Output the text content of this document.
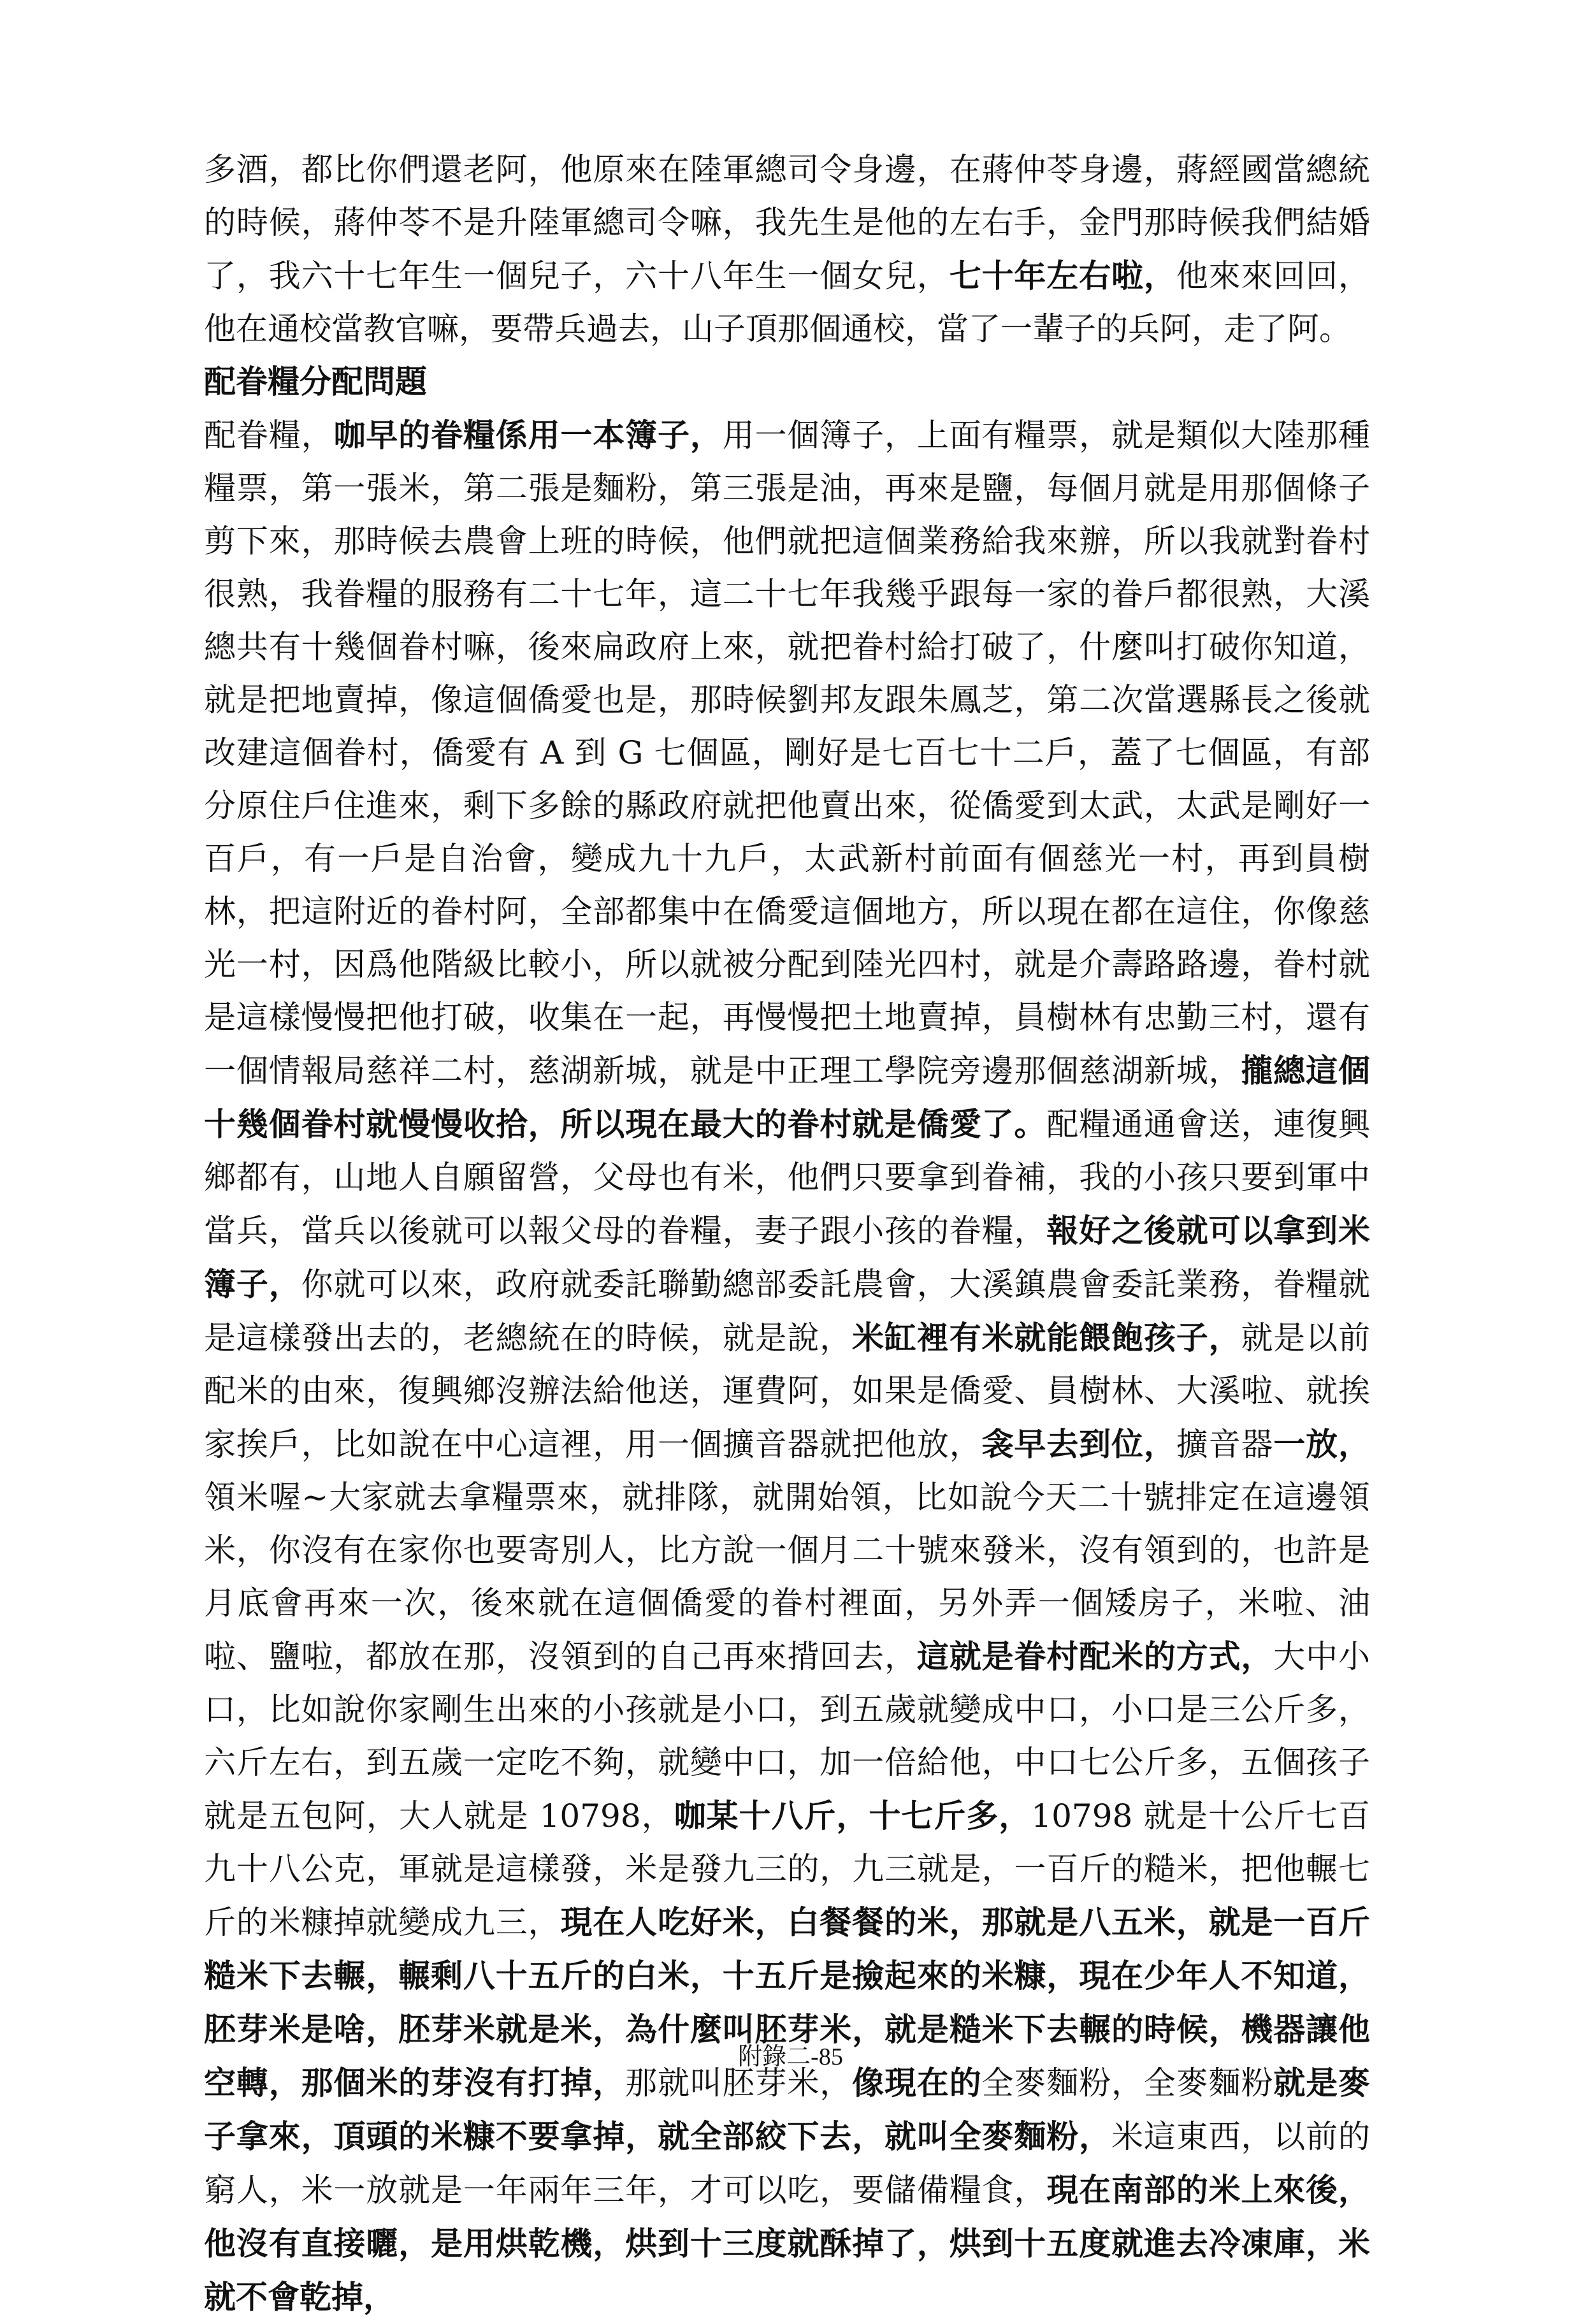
多酒，都比你們還老阿，他原來在陸軍總司令身邊，在蔣仲苓身邊，蔣經國當總統的時候，蔣仲苓不是升陸軍總司令嘛，我先生是他的左右手，金門那時候我們結婚了，我六十七年生一個兒子，六十八年生一個女兒，七十年左右啦，他來來回回，他在通校當教官嘛，要帶兵過去，山子頂那個通校，當了一輩子的兵阿，走了阿。

配眷糧分配問題

配眷糧，咖早的眷糧係用一本簿子，用一個簿子，上面有糧票，就是類似大陸那種糧票，第一張米，第二張是麵粉，第三張是油，再來是鹽，每個月就是用那個條子剪下來，那時候去農會上班的時候，他們就把這個業務給我來辦，所以我就對眷村很熟，我眷糧的服務有二十七年，這二十七年我幾乎跟每一家的眷戶都很熟，大溪總共有十幾個眷村嘛，後來扁政府上來，就把眷村給打破了，什麼叫打破你知道，就是把地賣掉，像這個僑愛也是，那時候劉邦友跟朱鳳芝，第二次當選縣長之後就改建這個眷村，僑愛有 A 到 G 七個區，剛好是七百七十二戶，蓋了七個區，有部分原住戶住進來，剩下多餘的縣政府就把他賣出來，從僑愛到太武，太武是剛好一百戶，有一戶是自治會，變成九十九戶，太武新村前面有個慈光一村，再到員樹林，把這附近的眷村阿，全部都集中在僑愛這個地方，所以現在都在這住，你像慈光一村，因爲他階級比較小，所以就被分配到陸光四村，就是介壽路路邊，眷村就是這樣慢慢把他打破，收集在一起，再慢慢把土地賣掉，員樹林有忠勤三村，還有一個情報局慈祥二村，慈湖新城，就是中正理工學院旁邊那個慈湖新城，攏總這個十幾個眷村就慢慢收拾，所以現在最大的眷村就是僑愛了。配糧通通會送，連復興鄉都有，山地人自願留營，父母也有米，他們只要拿到眷補，我的小孩只要到軍中當兵，當兵以後就可以報父母的眷糧，妻子跟小孩的眷糧，報好之後就可以拿到米簿子，你就可以來，政府就委託聯勤總部委託農會，大溪鎮農會委託業務，眷糧就是這樣發出去的，老總統在的時候，就是說，米缸裡有米就能餵飽孩子，就是以前配米的由來，復興鄉沒辦法給他送，運費阿，如果是僑愛、員樹林、大溪啦、就挨家挨戶，比如說在中心這裡，用一個擴音器就把他放，衾早去到位，擴音器一放，領米喔~大家就去拿糧票來，就排隊，就開始領，比如說今天二十號排定在這邊領米，你沒有在家你也要寄別人，比方說一個月二十號來發米，沒有領到的，也許是月底會再來一次，後來就在這個僑愛的眷村裡面，另外弄一個矮房子，米啦、油啦、鹽啦，都放在那，沒領到的自己再來揹回去，這就是眷村配米的方式，大中小口，比如說你家剛生出來的小孩就是小口，到五歲就變成中口，小口是三公斤多，六斤左右，到五歲一定吃不夠，就變中口，加一倍給他，中口七公斤多，五個孩子就是五包阿，大人就是 10798，咖某十八斤，十七斤多，10798 就是十公斤七百九十八公克，軍就是這樣發，米是發九三的，九三就是，一百斤的糙米，把他輾七斤的米糠掉就變成九三，現在人吃好米，白餐餐的米，那就是八五米，就是一百斤糙米下去輾，輾剩八十五斤的白米，十五斤是撿起來的米糠，現在少年人不知道，胚芽米是啥，胚芽米就是米，為什麼叫胚芽米，就是糙米下去輾的時候，機器讓他空轉，那個米的芽沒有打掉，那就叫胚芽米，像現在的全麥麵粉，全麥麵粉就是麥子拿來，頂頭的米糠不要拿掉，就全部絞下去，就叫全麥麵粉，米這東西，以前的窮人，米一放就是一年兩年三年，才可以吃，要儲備糧食，現在南部的米上來後，他沒有直接曬，是用烘乾機，烘到十三度就酥掉了，烘到十五度就進去冷凍庫，米就不會乾掉，

附錄二-85
